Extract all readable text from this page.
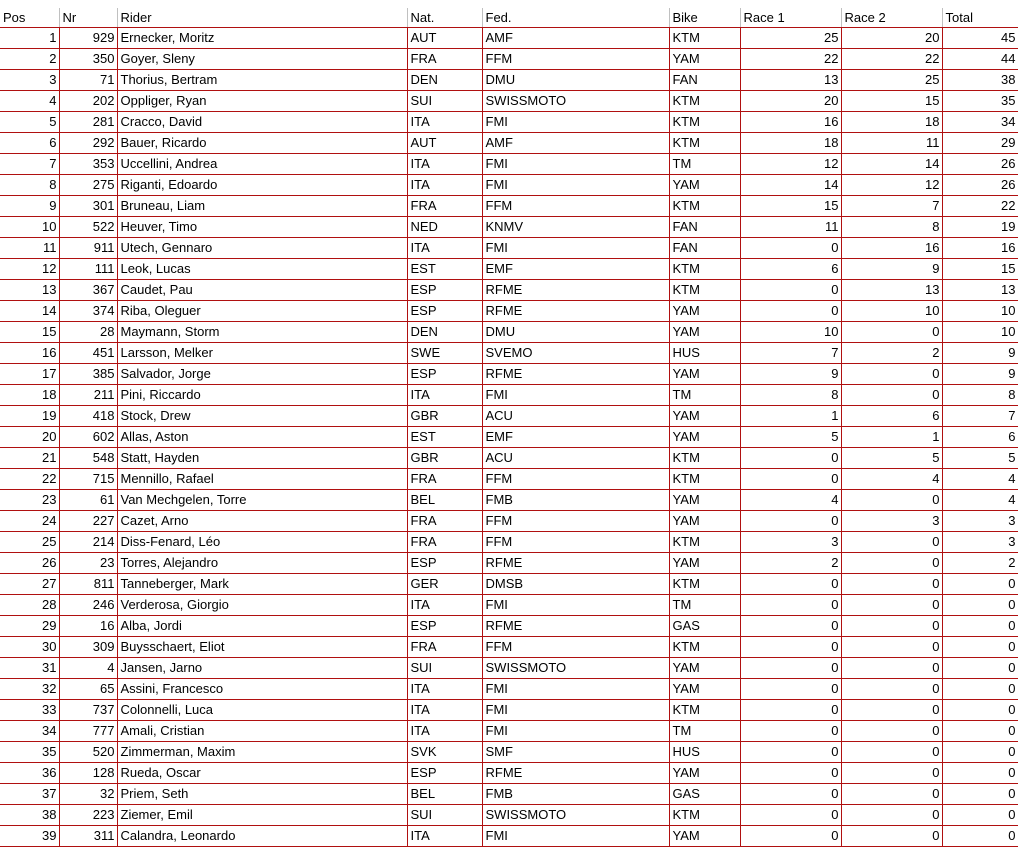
Pos	Nr	Rider	Nat.	Fed.	Bike	Race 1	Race 2	Total
1	929	Ernecker, Moritz	AUT	AMF	KTM	25	20	45
2	350	Goyer, Sleny	FRA	FFM	YAM	22	22	44
3	71	Thorius, Bertram	DEN	DMU	FAN	13	25	38
4	202	Oppliger, Ryan	SUI	SWISSMOTO	KTM	20	15	35
5	281	Cracco, David	ITA	FMI	KTM	16	18	34
6	292	Bauer, Ricardo	AUT	AMF	KTM	18	11	29
7	353	Uccellini, Andrea	ITA	FMI	TM	12	14	26
8	275	Riganti, Edoardo	ITA	FMI	YAM	14	12	26
9	301	Bruneau, Liam	FRA	FFM	KTM	15	7	22
10	522	Heuver, Timo	NED	KNMV	FAN	11	8	19
11	911	Utech, Gennaro	ITA	FMI	FAN	0	16	16
12	111	Leok, Lucas	EST	EMF	KTM	6	9	15
13	367	Caudet, Pau	ESP	RFME	KTM	0	13	13
14	374	Riba, Oleguer	ESP	RFME	YAM	0	10	10
15	28	Maymann, Storm	DEN	DMU	YAM	10	0	10
16	451	Larsson, Melker	SWE	SVEMO	HUS	7	2	9
17	385	Salvador, Jorge	ESP	RFME	YAM	9	0	9
18	211	Pini, Riccardo	ITA	FMI	TM	8	0	8
19	418	Stock, Drew	GBR	ACU	YAM	1	6	7
20	602	Allas, Aston	EST	EMF	YAM	5	1	6
21	548	Statt, Hayden	GBR	ACU	KTM	0	5	5
22	715	Mennillo, Rafael	FRA	FFM	KTM	0	4	4
23	61	Van Mechgelen, Torre	BEL	FMB	YAM	4	0	4
24	227	Cazet, Arno	FRA	FFM	YAM	0	3	3
25	214	Diss-Fenard, Léo	FRA	FFM	KTM	3	0	3
26	23	Torres, Alejandro	ESP	RFME	YAM	2	0	2
27	811	Tanneberger, Mark	GER	DMSB	KTM	0	0	0
28	246	Verderosa, Giorgio	ITA	FMI	TM	0	0	0
29	16	Alba, Jordi	ESP	RFME	GAS	0	0	0
30	309	Buysschaert, Eliot	FRA	FFM	KTM	0	0	0
31	4	Jansen, Jarno	SUI	SWISSMOTO	YAM	0	0	0
32	65	Assini, Francesco	ITA	FMI	YAM	0	0	0
33	737	Colonnelli, Luca	ITA	FMI	KTM	0	0	0
34	777	Amali, Cristian	ITA	FMI	TM	0	0	0
35	520	Zimmerman, Maxim	SVK	SMF	HUS	0	0	0
36	128	Rueda, Oscar	ESP	RFME	YAM	0	0	0
37	32	Priem, Seth	BEL	FMB	GAS	0	0	0
38	223	Ziemer, Emil	SUI	SWISSMOTO	KTM	0	0	0
39	311	Calandra, Leonardo	ITA	FMI	YAM	0	0	0
